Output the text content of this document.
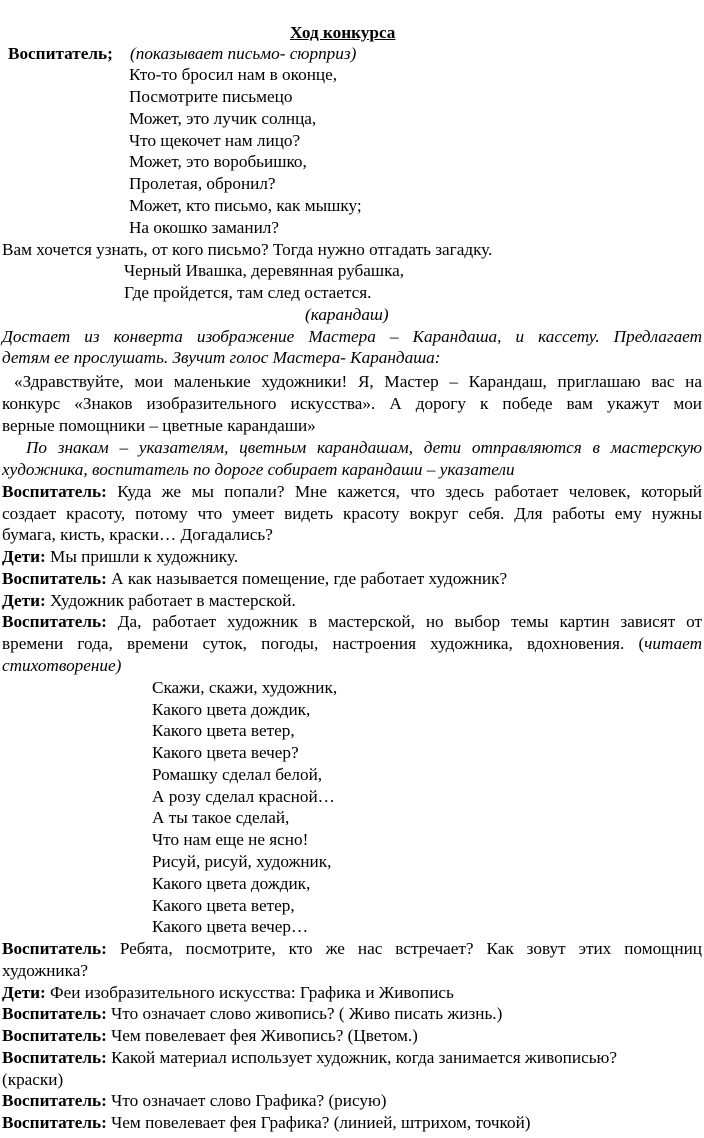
Ход конкурса
Воспитатель; (показывает письмо- сюрприз)
Кто-то бросил нам в оконце,
Посмотрите письмецо
Может, это лучик солнца,
Что щекочет нам лицо?
Может, это воробьишко,
Пролетая, обронил?
Может, кто письмо, как мышку;
На окошко заманил?
Вам хочется узнать, от кого письмо? Тогда нужно отгадать загадку.
Черный Ивашка, деревянная рубашка,
Где пройдется, там след остается.
(карандаш)
Достает из конверта изображение Мастера – Карандаша, и кассету. Предлагает
детям ее прослушать. Звучит голос Мастера- Карандаша:
«Здравствуйте, мои маленькие художники! Я, Мастер – Карандаш, приглашаю вас на
конкурс «Знаков изобразительного искусства». А дорогу к победе вам укажут мои
верные помощники – цветные карандаши»
По знакам – указателям, цветным карандашам, дети отправляются в мастерскую
художника, воспитатель по дороге собирает карандаши – указатели
Воспитатель: Куда же мы попали? Мне кажется, что здесь работает человек, который
создает красоту, потому что умеет видеть красоту вокруг себя. Для работы ему нужны
бумага, кисть, краски… Догадались?
Дети: Мы пришли к художнику.
Воспитатель: А как называется помещение, где работает художник?
Дети: Художник работает в мастерской.
Воспитатель: Да, работает художник в мастерской, но выбор темы картин зависят от
времени года, времени суток, погоды, настроения художника, вдохновения. (читает
стихотворение)
Скажи, скажи, художник,
Какого цвета дождик,
Какого цвета ветер,
Какого цвета вечер?
Ромашку сделал белой,
А розу сделал красной…
А ты такое сделай,
Что нам еще не ясно!
Рисуй, рисуй, художник,
Какого цвета дождик,
Какого цвета ветер,
Какого цвета вечер…
Воспитатель: Ребята, посмотрите, кто же нас встречает? Как зовут этих помощниц
художника?
Дети: Феи изобразительного искусства: Графика и Живопись
Воспитатель: Что означает слово живопись? ( Живо писать жизнь.)
Воспитатель: Чем повелевает фея Живопись? (Цветом.)
Воспитатель: Какой материал использует художник, когда занимается живописью?
(краски)
Воспитатель: Что означает слово Графика? (рисую)
Воспитатель: Чем повелевает фея Графика? (линией, штрихом, точкой)
